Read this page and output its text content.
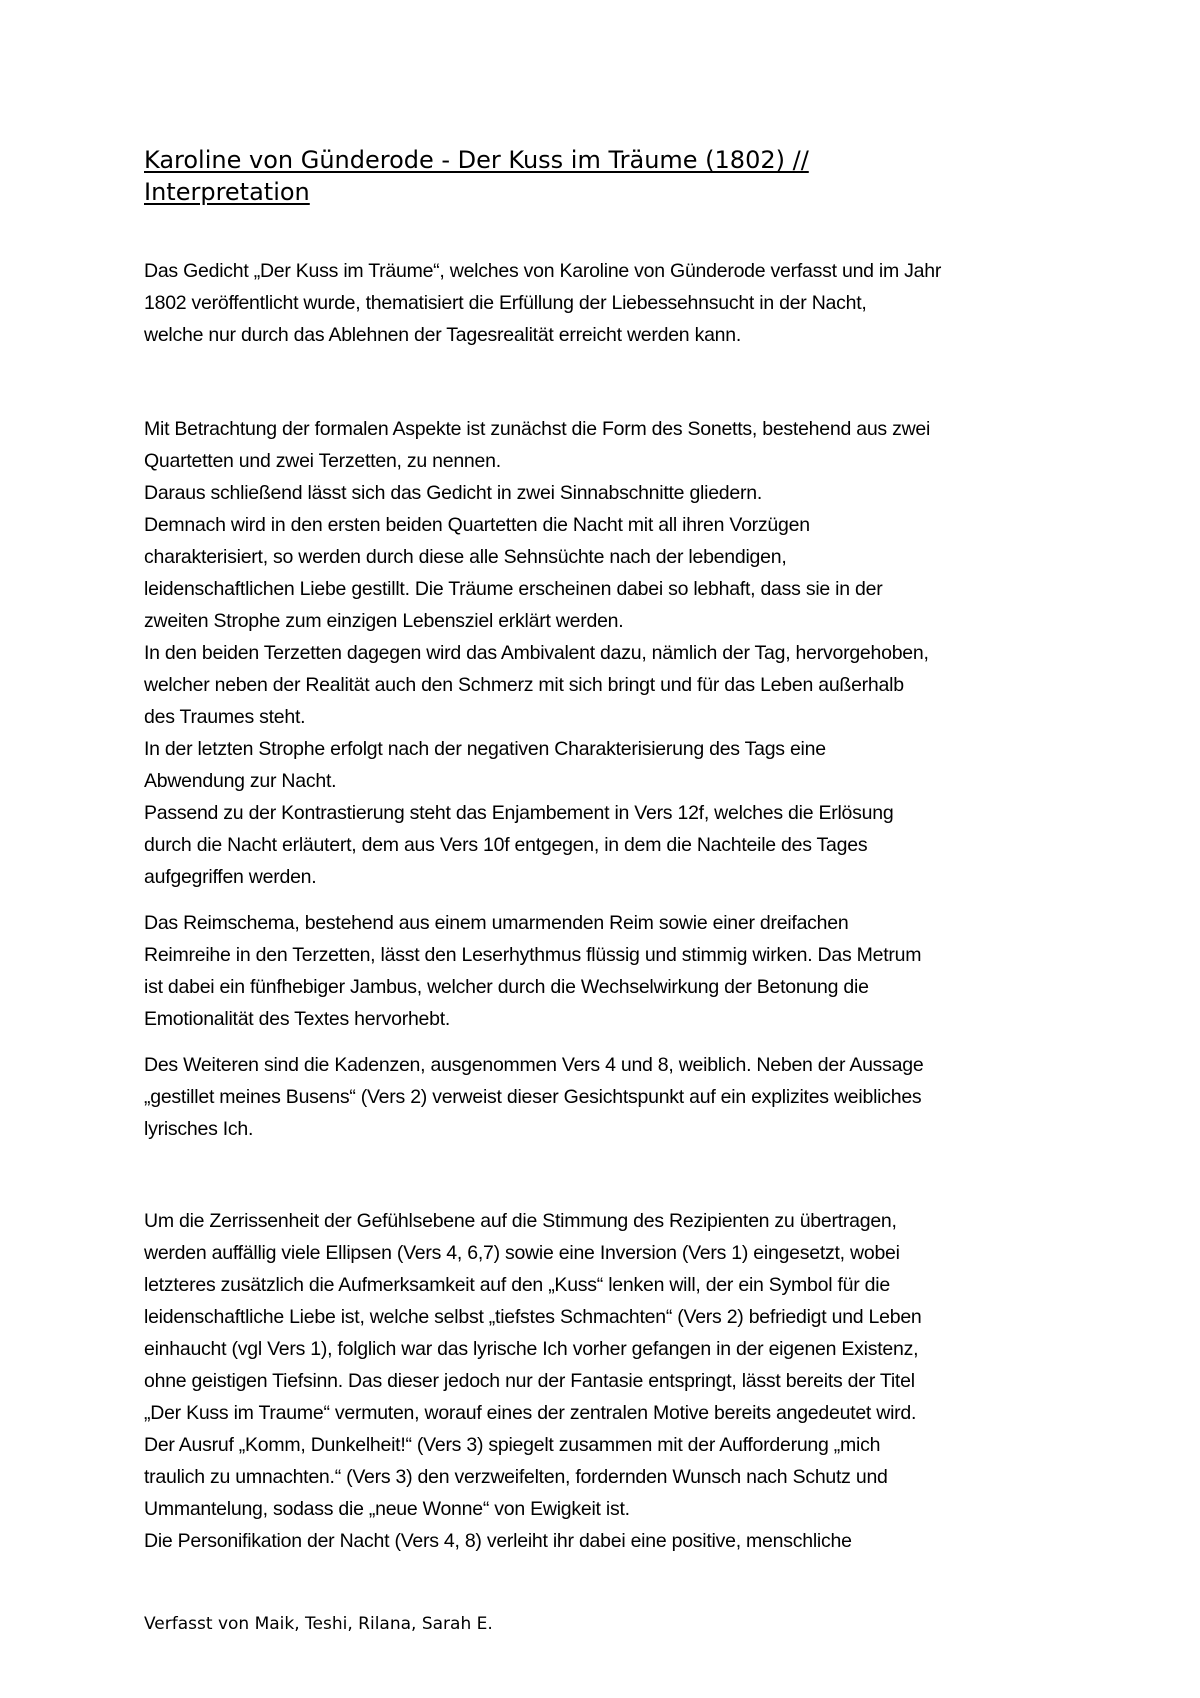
Karoline von Günderode - Der Kuss im Träume (1802) //
Interpretation

Das Gedicht „Der Kuss im Träume“, welches von Karoline von Günderode verfasst und im Jahr
1802 veröffentlicht wurde, thematisiert die Erfüllung der Liebessehnsucht in der Nacht,
welche nur durch das Ablehnen der Tagesrealität erreicht werden kann.

Mit Betrachtung der formalen Aspekte ist zunächst die Form des Sonetts, bestehend aus zwei
Quartetten und zwei Terzetten, zu nennen.
Daraus schließend lässt sich das Gedicht in zwei Sinnabschnitte gliedern.
Demnach wird in den ersten beiden Quartetten die Nacht mit all ihren Vorzügen
charakterisiert, so werden durch diese alle Sehnsüchte nach der lebendigen,
leidenschaftlichen Liebe gestillt. Die Träume erscheinen dabei so lebhaft, dass sie in der
zweiten Strophe zum einzigen Lebensziel erklärt werden.
In den beiden Terzetten dagegen wird das Ambivalent dazu, nämlich der Tag, hervorgehoben,
welcher neben der Realität auch den Schmerz mit sich bringt und für das Leben außerhalb
des Traumes steht.
In der letzten Strophe erfolgt nach der negativen Charakterisierung des Tags eine
Abwendung zur Nacht.
Passend zu der Kontrastierung steht das Enjambement in Vers 12f, welches die Erlösung
durch die Nacht erläutert, dem aus Vers 10f entgegen, in dem die Nachteile des Tages
aufgegriffen werden.

Das Reimschema, bestehend aus einem umarmenden Reim sowie einer dreifachen
Reimreihe in den Terzetten, lässt den Leserhythmus flüssig und stimmig wirken. Das Metrum
ist dabei ein fünfhebiger Jambus, welcher durch die Wechselwirkung der Betonung die
Emotionalität des Textes hervorhebt.

Des Weiteren sind die Kadenzen, ausgenommen Vers 4 und 8, weiblich. Neben der Aussage
„gestillet meines Busens“ (Vers 2) verweist dieser Gesichtspunkt auf ein explizites weibliches
lyrisches Ich.

Um die Zerrissenheit der Gefühlsebene auf die Stimmung des Rezipienten zu übertragen,
werden auffällig viele Ellipsen (Vers 4, 6,7) sowie eine Inversion (Vers 1) eingesetzt, wobei
letzteres zusätzlich die Aufmerksamkeit auf den „Kuss“ lenken will, der ein Symbol für die
leidenschaftliche Liebe ist, welche selbst „tiefstes Schmachten“ (Vers 2) befriedigt und Leben
einhaucht (vgl Vers 1), folglich war das lyrische Ich vorher gefangen in der eigenen Existenz,
ohne geistigen Tiefsinn. Das dieser jedoch nur der Fantasie entspringt, lässt bereits der Titel
„Der Kuss im Traume“ vermuten, worauf eines der zentralen Motive bereits angedeutet wird.
Der Ausruf „Komm, Dunkelheit!“ (Vers 3) spiegelt zusammen mit der Aufforderung „mich
traulich zu umnachten.“ (Vers 3) den verzweifelten, fordernden Wunsch nach Schutz und
Ummantelung, sodass die „neue Wonne“ von Ewigkeit ist.
Die Personifikation der Nacht (Vers 4, 8) verleiht ihr dabei eine positive, menschliche

Verfasst von Maik, Teshi, Rilana, Sarah E.
